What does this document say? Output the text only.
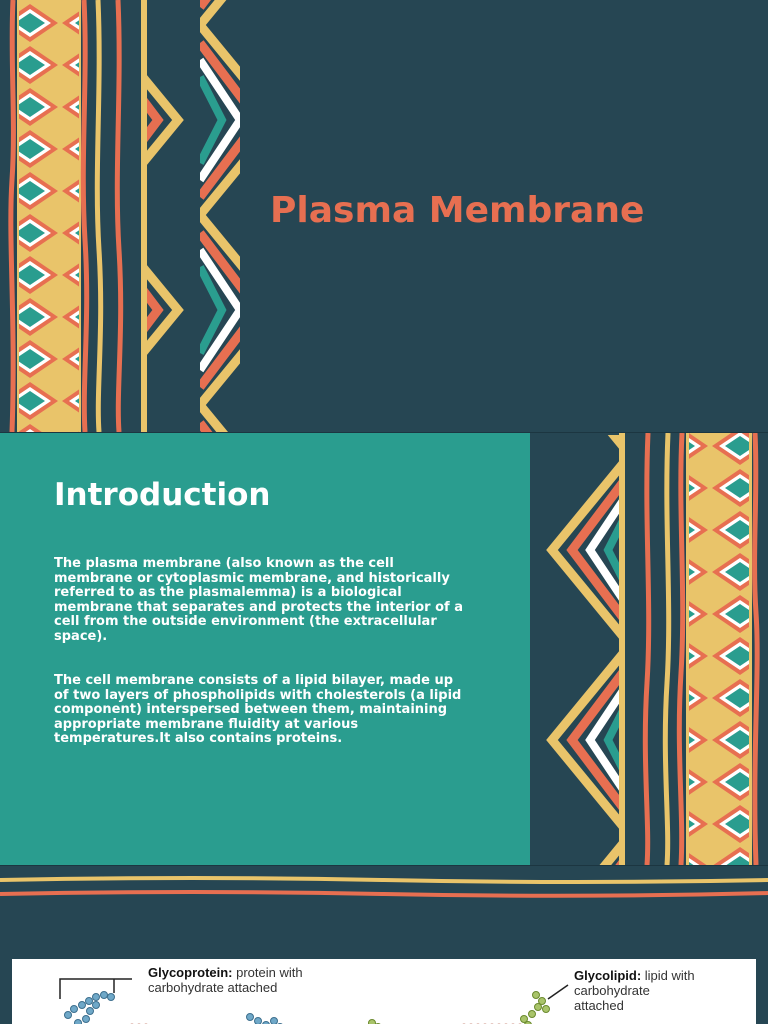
Plasma Membrane
Introduction

The plasma membrane (also known as the cell membrane or cytoplasmic membrane, and historically referred to as the plasmalemma) is a biological membrane that separates and protects the interior of a cell from the outside environment (the extracellular space).

The cell membrane consists of a lipid bilayer, made up of two layers of phospholipids with cholesterols (a lipid component) interspersed between them, maintaining appropriate membrane fluidity at various temperatures.It also contains proteins.

Glycoprotein: protein with
carbohydrate attached
Glycolipid: lipid with
carbohydrate
attached
